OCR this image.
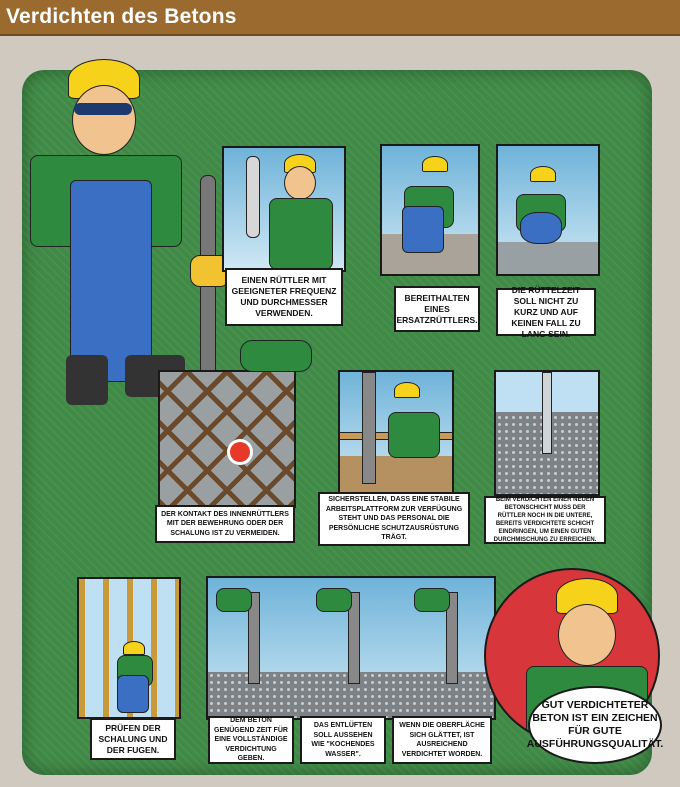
Verdichten des Betons
EINEN RÜTTLER MIT GEEIGNETER FREQUENZ UND DURCHMESSER VERWENDEN.
BEREITHALTEN EINES ERSATZRÜTTLERS.
DIE RÜTTELZEIT SOLL NICHT ZU KURZ UND AUF KEINEN FALL ZU LANG SEIN.
DER KONTAKT DES INNENRÜTTLERS MIT DER BEWEHRUNG ODER DER SCHALUNG IST ZU VERMEIDEN.
SICHERSTELLEN, DASS EINE STABILE ARBEITSPLATTFORM ZUR VERFÜGUNG STEHT UND DAS PERSONAL DIE PERSÖNLICHE SCHUTZAUSRÜSTUNG TRÄGT.
BEIM VERDICHTEN EINER NEUEN BETONSCHICHT MUSS DER RÜTTLER NOCH IN DIE UNTERE, BEREITS VERDICHTETE SCHICHT EINDRINGEN, UM EINEN GUTEN DURCHMISCHUNG ZU ERREICHEN.
PRÜFEN DER SCHALUNG UND DER FUGEN.
DEM BETON GENÜGEND ZEIT FÜR EINE VOLLSTÄNDIGE VERDICHTUNG GEBEN.
DAS ENTLÜFTEN SOLL AUSSEHEN WIE "KOCHENDES WASSER".
WENN DIE OBERFLÄCHE SICH GLÄTTET, IST AUSREICHEND VERDICHTET WORDEN.
GUT VERDICHTETER BETON IST EIN ZEICHEN FÜR GUTE AUSFÜHRUNGSQUALITÄT.
